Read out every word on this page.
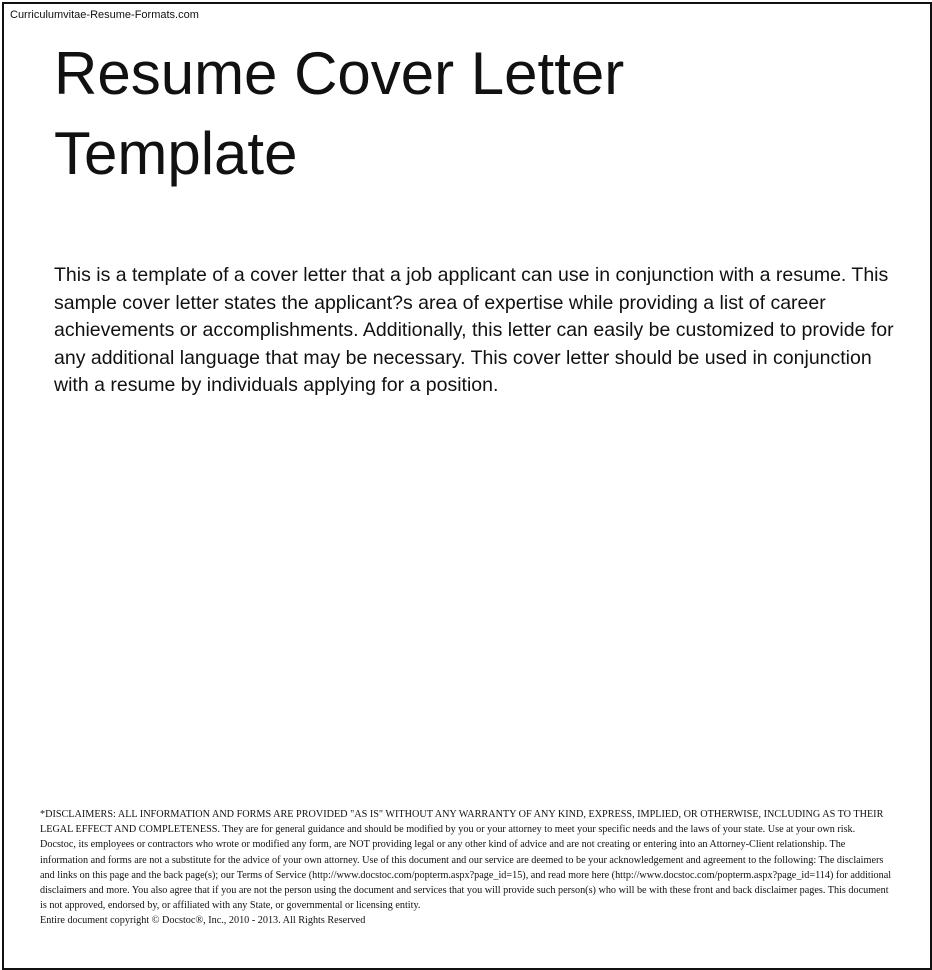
Curriculumvitae-Resume-Formats.com
Resume Cover Letter Template

This is a template of a cover letter that a job applicant can use in conjunction with a resume. This sample cover letter states the applicant?s area of expertise while providing a list of career achievements or accomplishments. Additionally, this letter can easily be customized to provide for any additional language that may be necessary. This cover letter should be used in conjunction with a resume by individuals applying for a position.

*DISCLAIMERS: ALL INFORMATION AND FORMS ARE PROVIDED "AS IS" WITHOUT ANY WARRANTY OF ANY KIND, EXPRESS, IMPLIED, OR OTHERWISE, INCLUDING AS TO THEIR LEGAL EFFECT AND COMPLETENESS. They are for general guidance and should be modified by you or your attorney to meet your specific needs and the laws of your state. Use at your own risk. Docstoc, its employees or contractors who wrote or modified any form, are NOT providing legal or any other kind of advice and are not creating or entering into an Attorney-Client relationship. The information and forms are not a substitute for the advice of your own attorney. Use of this document and our service are deemed to be your acknowledgement and agreement to the following: The disclaimers and links on this page and the back page(s); our Terms of Service (http://www.docstoc.com/popterm.aspx?page_id=15), and read more here (http://www.docstoc.com/popterm.aspx?page_id=114) for additional disclaimers and more. You also agree that if you are not the person using the document and services that you will provide such person(s) who will be with these front and back disclaimer pages. This document is not approved, endorsed by, or affiliated with any State, or governmental or licensing entity.
Entire document copyright © Docstoc®, Inc., 2010 - 2013. All Rights Reserved
